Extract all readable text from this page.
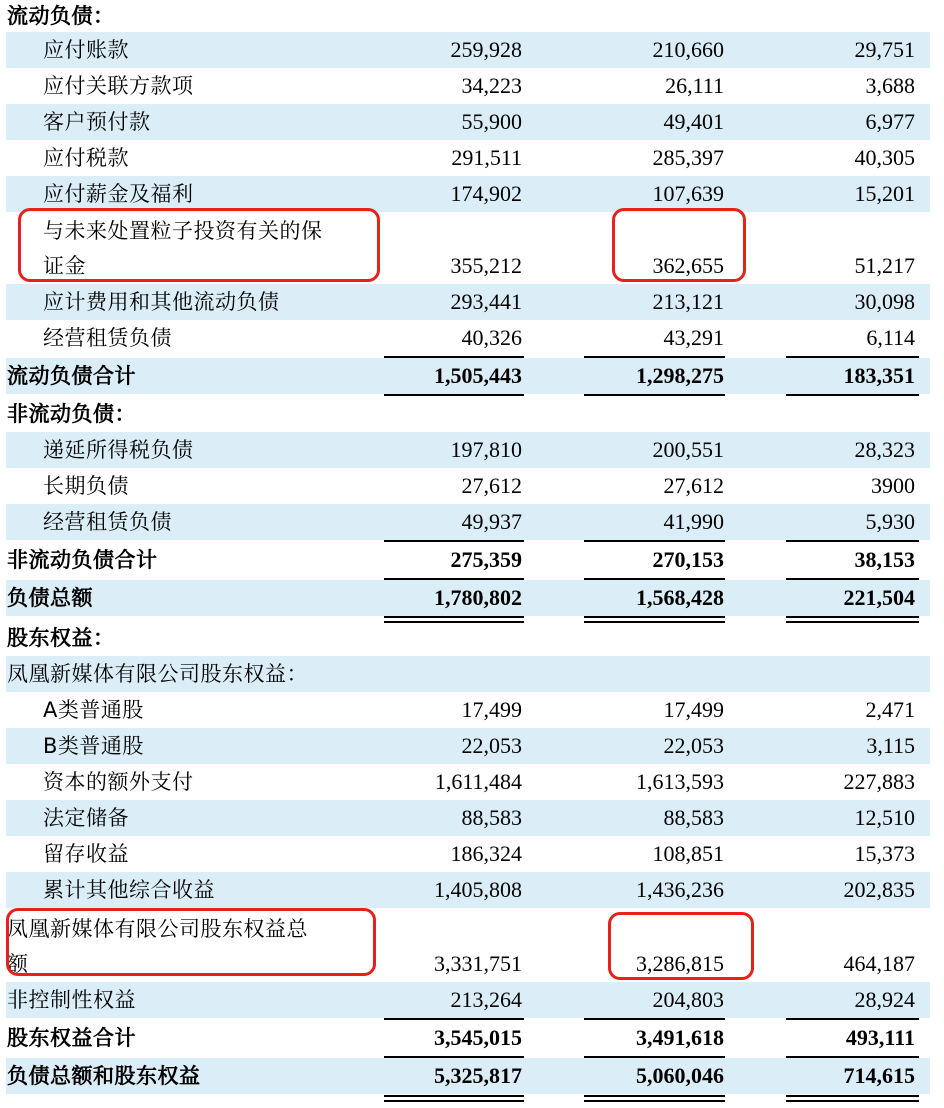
流动负债：
应付账款	259,928	210,660	29,751
应付关联方款项	34,223	26,111	3,688
客户预付款	55,900	49,401	6,977
应付税款	291,511	285,397	40,305
应付薪金及福利	174,902	107,639	15,201
与未来处置粒子投资有关的保
证金	355,212	362,655	51,217
应计费用和其他流动负债	293,441	213,121	30,098
经营租赁负债	40,326	43,291	6,114
流动负债合计	1,505,443	1,298,275	183,351
非流动负债：
递延所得税负债	197,810	200,551	28,323
长期负债	27,612	27,612	3900
经营租赁负债	49,937	41,990	5,930
非流动负债合计	275,359	270,153	38,153
负债总额	1,780,802	1,568,428	221,504
股东权益：
凤凰新媒体有限公司股东权益：
A类普通股	17,499	17,499	2,471
B类普通股	22,053	22,053	3,115
资本的额外支付	1,611,484	1,613,593	227,883
法定储备	88,583	88,583	12,510
留存收益	186,324	108,851	15,373
累计其他综合收益	1,405,808	1,436,236	202,835
凤凰新媒体有限公司股东权益总
额	3,331,751	3,286,815	464,187
非控制性权益	213,264	204,803	28,924
股东权益合计	3,545,015	3,491,618	493,111
负债总额和股东权益	5,325,817	5,060,046	714,615
